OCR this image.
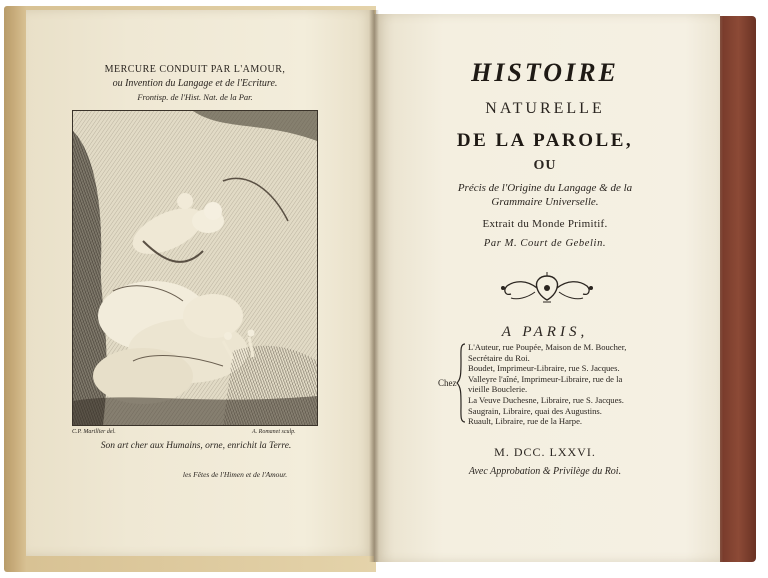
MERCURE CONDUIT PAR L'AMOUR,
ou Invention du Langage et de l'Ecriture.
Frontisp. de l'Hist. Nat. de la Par.
C.P. Marillier del.	A. Romanet sculp.
Son art cher aux Humains, orne, enrichit la Terre.
les Fêtes de l'Himen et de l'Amour.
HISTOIRE
NATURELLE
DE LA PAROLE,
OU
Précis de l'Origine du Langage & de la
Grammaire Universelle.
Extrait du Monde Primitif.
Par M. Court de Gebelin.
A PARIS,
Chez
L'Auteur, rue Poupée, Maison de M. Boucher,
Secrétaire du Roi.
Boudet, Imprimeur-Libraire, rue S. Jacques.
Valleyre l'aîné, Imprimeur-Libraire, rue de la
vieille Bouclerie.
La Veuve Duchesne, Libraire, rue S. Jacques.
Saugrain, Libraire, quai des Augustins.
Ruault, Libraire, rue de la Harpe.
M. DCC. LXXVI.
Avec Approbation & Privilège du Roi.
